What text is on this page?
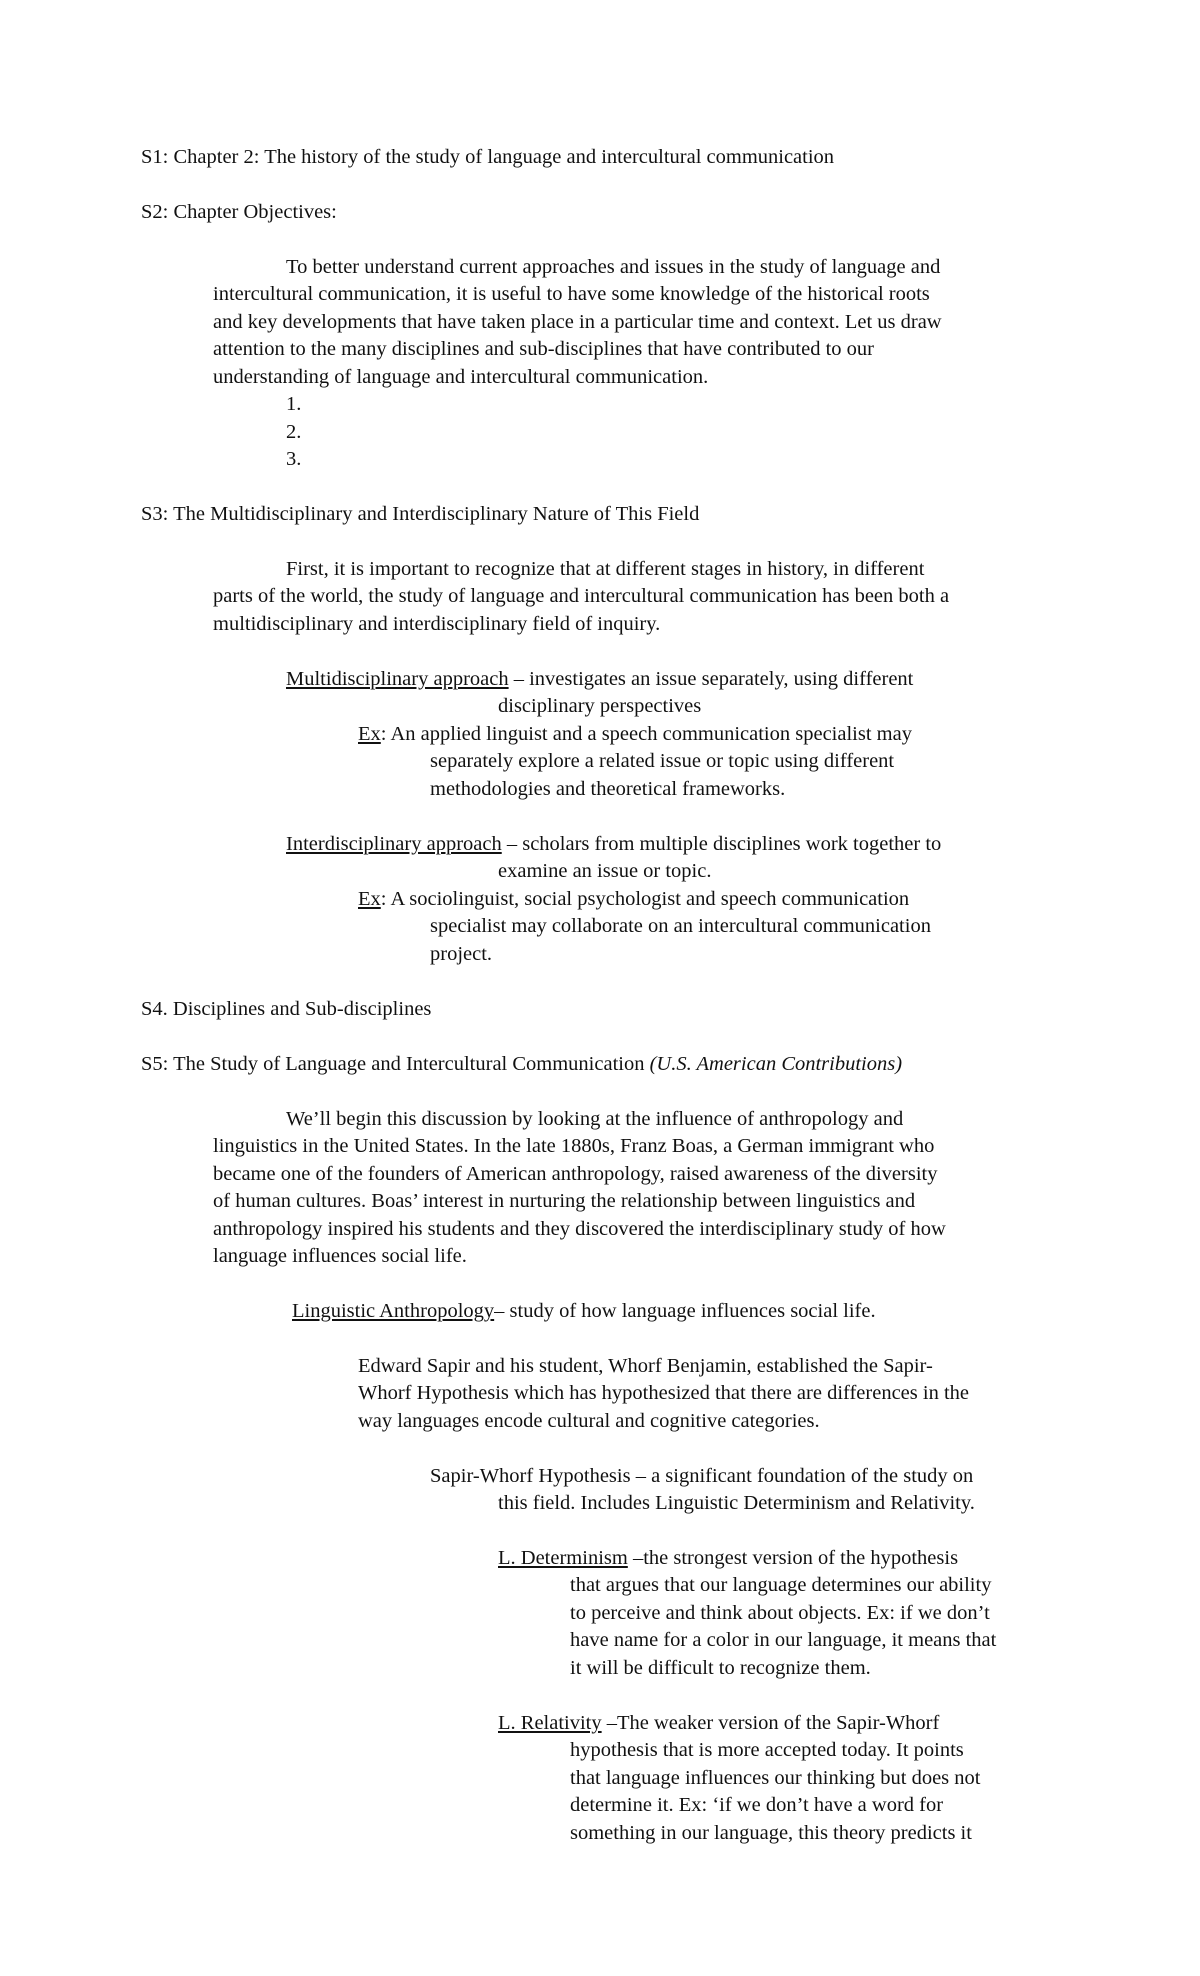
S1: Chapter 2: The history of the study of language and intercultural communication
S2: Chapter Objectives:
To better understand current approaches and issues in the study of language and
intercultural communication, it is useful to have some knowledge of the historical roots
and key developments that have taken place in a particular time and context. Let us draw
attention to the many disciplines and sub-disciplines that have contributed to our
understanding of language and intercultural communication.
1.
2.
3.
S3: The Multidisciplinary and Interdisciplinary Nature of This Field
First, it is important to recognize that at different stages in history, in different
parts of the world, the study of language and intercultural communication has been both a
multidisciplinary and interdisciplinary field of inquiry.
Multidisciplinary approach – investigates an issue separately, using different
disciplinary perspectives
Ex: An applied linguist and a speech communication specialist may
separately explore a related issue or topic using different
methodologies and theoretical frameworks.
Interdisciplinary approach – scholars from multiple disciplines work together to
examine an issue or topic.
Ex: A sociolinguist, social psychologist and speech communication
specialist may collaborate on an intercultural communication
project.
S4. Disciplines and Sub-disciplines
S5: The Study of Language and Intercultural Communication (U.S. American Contributions)
We’ll begin this discussion by looking at the influence of anthropology and
linguistics in the United States. In the late 1880s, Franz Boas, a German immigrant who
became one of the founders of American anthropology, raised awareness of the diversity
of human cultures. Boas’ interest in nurturing the relationship between linguistics and
anthropology inspired his students and they discovered the interdisciplinary study of how
language influences social life.
Linguistic Anthropology– study of how language influences social life.
Edward Sapir and his student, Whorf Benjamin, established the Sapir-
Whorf Hypothesis which has hypothesized that there are differences in the
way languages encode cultural and cognitive categories.
Sapir-Whorf Hypothesis – a significant foundation of the study on
this field. Includes Linguistic Determinism and Relativity.
L. Determinism –the strongest version of the hypothesis
that argues that our language determines our ability
to perceive and think about objects. Ex: if we don’t
have name for a color in our language, it means that
it will be difficult to recognize them.
L. Relativity –The weaker version of the Sapir-Whorf
hypothesis that is more accepted today. It points
that language influences our thinking but does not
determine it. Ex: ‘if we don’t have a word for
something in our language, this theory predicts it
